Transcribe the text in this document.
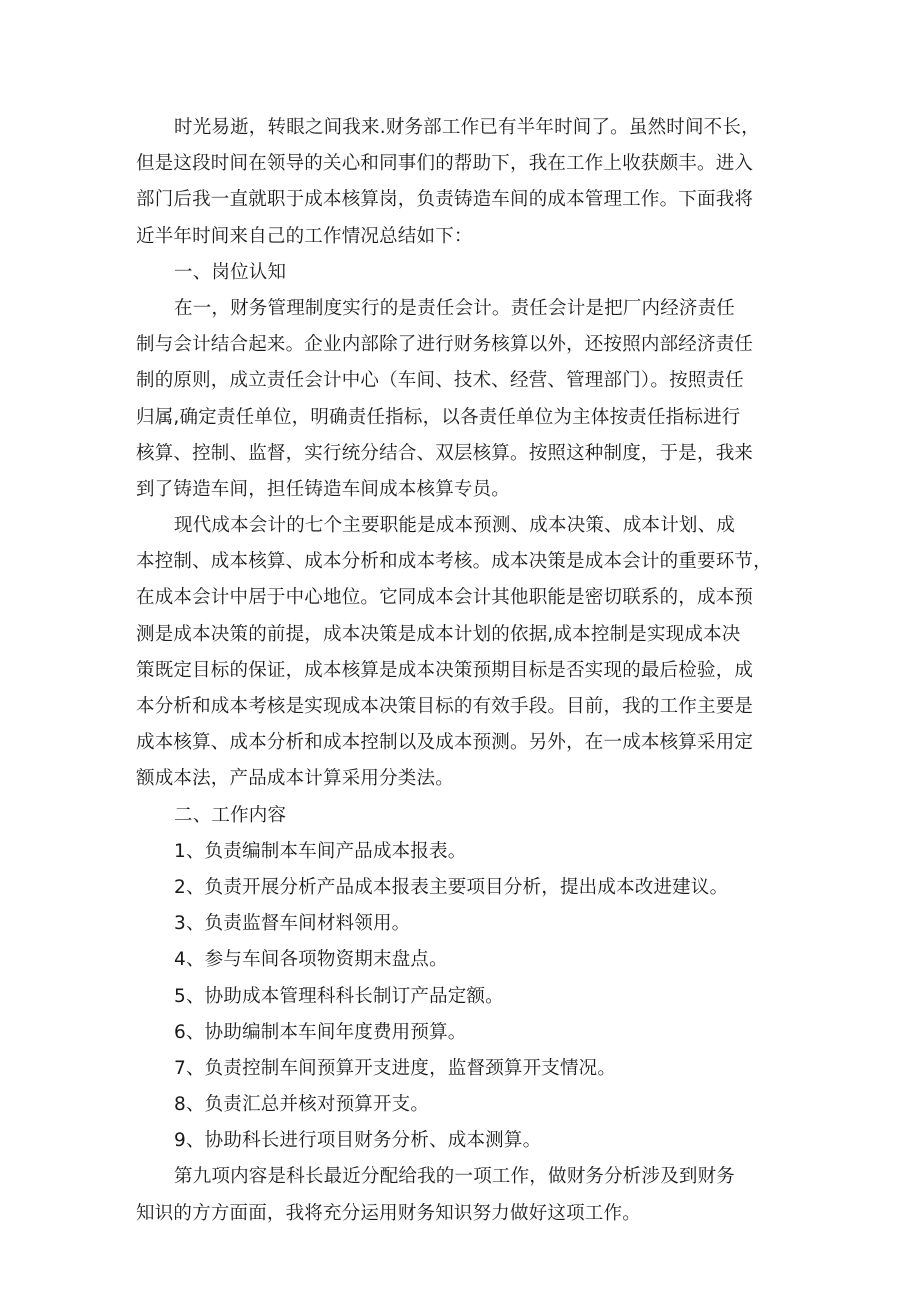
时光易逝，转眼之间我来.财务部工作已有半年时间了。虽然时间不长，
但是这段时间在领导的关心和同事们的帮助下，我在工作上收获颇丰。进入
部门后我一直就职于成本核算岗，负责铸造车间的成本管理工作。下面我将
近半年时间来自己的工作情况总结如下：
一、岗位认知
在一，财务管理制度实行的是责任会计。责任会计是把厂内经济责任
制与会计结合起来。企业内部除了进行财务核算以外，还按照内部经济责任
制的原则，成立责任会计中心（车间、技术、经营、管理部门）。按照责任
归属,确定责任单位，明确责任指标，以各责任单位为主体按责任指标进行
核算、控制、监督，实行统分结合、双层核算。按照这种制度，于是，我来
到了铸造车间，担任铸造车间成本核算专员。
现代成本会计的七个主要职能是成本预测、成本决策、成本计划、成
本控制、成本核算、成本分析和成本考核。成本决策是成本会计的重要环节，
在成本会计中居于中心地位。它同成本会计其他职能是密切联系的，成本预
测是成本决策的前提，成本决策是成本计划的依据,成本控制是实现成本决
策既定目标的保证，成本核算是成本决策预期目标是否实现的最后检验，成
本分析和成本考核是实现成本决策目标的有效手段。目前，我的工作主要是
成本核算、成本分析和成本控制以及成本预测。另外，在一成本核算采用定
额成本法，产品成本计算采用分类法。
二、工作内容
1、负责编制本车间产品成本报表。
2、负责开展分析产品成本报表主要项目分析，提出成本改进建议。
3、负责监督车间材料领用。
4、参与车间各项物资期末盘点。
5、协助成本管理科科长制订产品定额。
6、协助编制本车间年度费用预算。
7、负责控制车间预算开支进度，监督颈算开支情况。
8、负责汇总并核对预算开支。
9、协助科长进行项目财务分析、成本测算。
第九项内容是科长最近分配给我的一项工作，做财务分析涉及到财务
知识的方方面面，我将充分运用财务知识努力做好这项工作。
